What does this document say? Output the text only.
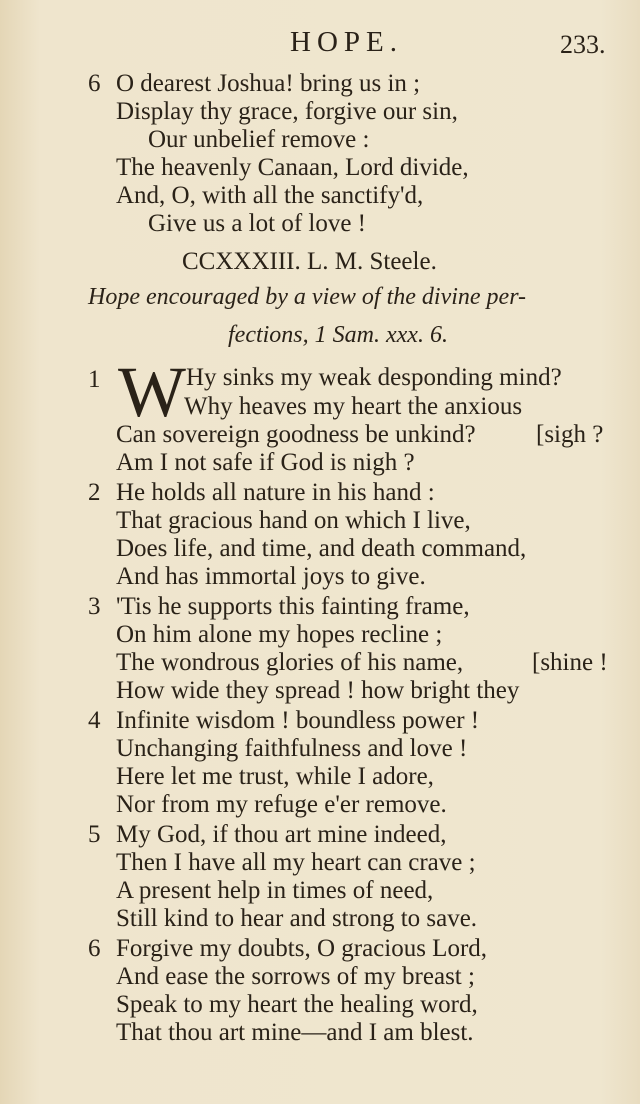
HOPE.	233.
6 O dearest Joshua! bring us in ;
Display thy grace, forgive our sin,
Our unbelief remove :
The heavenly Canaan, Lord divide,
And, O, with all the sanctify'd,
Give us a lot of love !
CCXXXIII. L. M. Steele.
Hope encouraged by a view of the divine per-
fections, 1 Sam. xxx. 6.
1 W Hy sinks my weak desponding mind?
Why heaves my heart the anxious
Can sovereign goodness be unkind? [sigh ?
Am I not safe if God is nigh ?
2 He holds all nature in his hand :
That gracious hand on which I live,
Does life, and time, and death command,
And has immortal joys to give.
3 'Tis he supports this fainting frame,
On him alone my hopes recline ;
The wondrous glories of his name,	[shine !
How wide they spread ! how bright they
4 Infinite wisdom ! boundless power !
Unchanging faithfulness and love !
Here let me trust, while I adore,
Nor from my refuge e'er remove.
5 My God, if thou art mine indeed,
Then I have all my heart can crave ;
A present help in times of need,
Still kind to hear and strong to save.
6 Forgive my doubts, O gracious Lord,
And ease the sorrows of my breast ;
Speak to my heart the healing word,
That thou art mine—and I am blest.
